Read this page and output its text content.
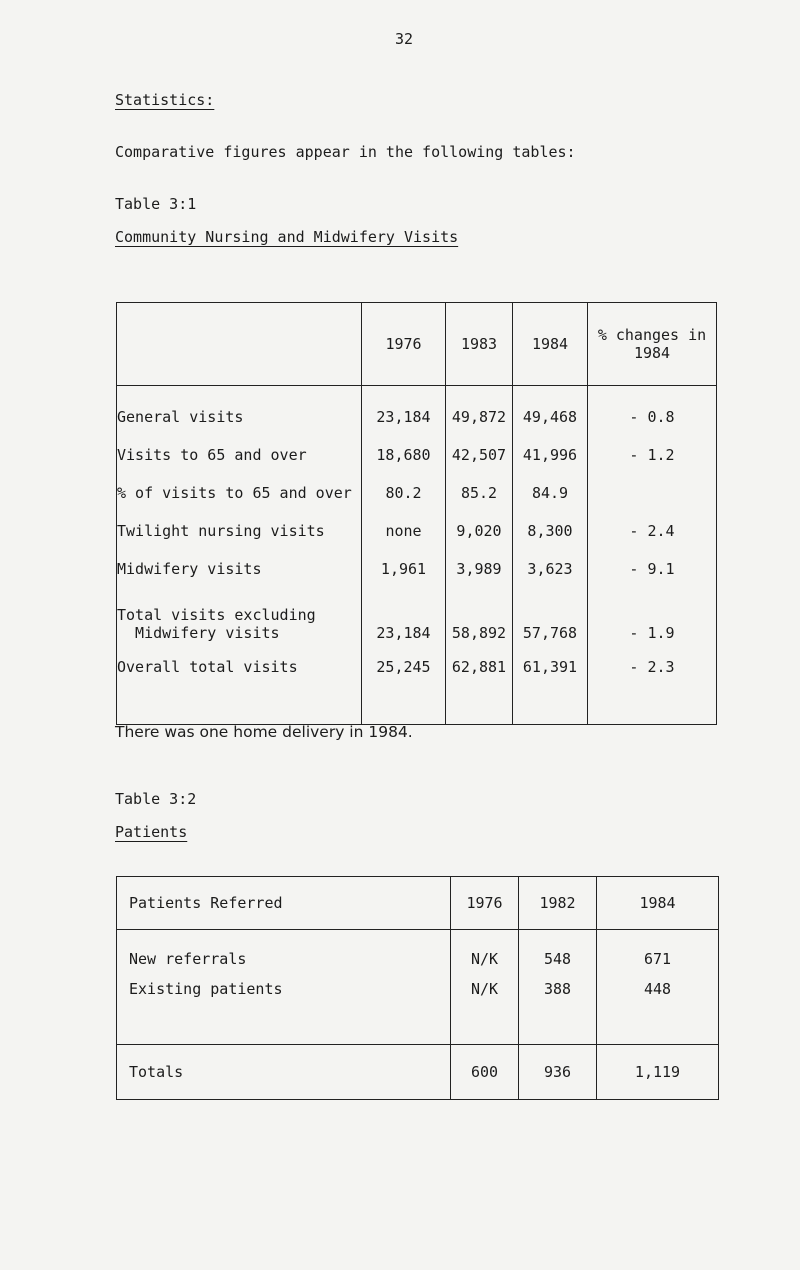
32
Statistics:
Comparative figures appear in the following tables:
Table 3:1
Community Nursing and Midwifery Visits
	1976	1983	1984	% changes in
1984

General visits	23,184	49,872	49,468	- 0.8
Visits to 65 and over	18,680	42,507	41,996	- 1.2
% of visits to 65 and over	80.2	85.2	84.9	
Twilight nursing visits	none	9,020	8,300	- 2.4
Midwifery visits	1,961	3,989	3,623	- 9.1
Total visits excluding
Midwifery visits	23,184	58,892	57,768	- 1.9
Overall total visits	25,245	62,881	61,391	- 2.3

There was one home delivery in 1984.
Table 3:2
Patients
Patients Referred	1976	1982	1984
New referrals	N/K	548	671
Existing patients	N/K	388	448
Totals	600	936	1,119
